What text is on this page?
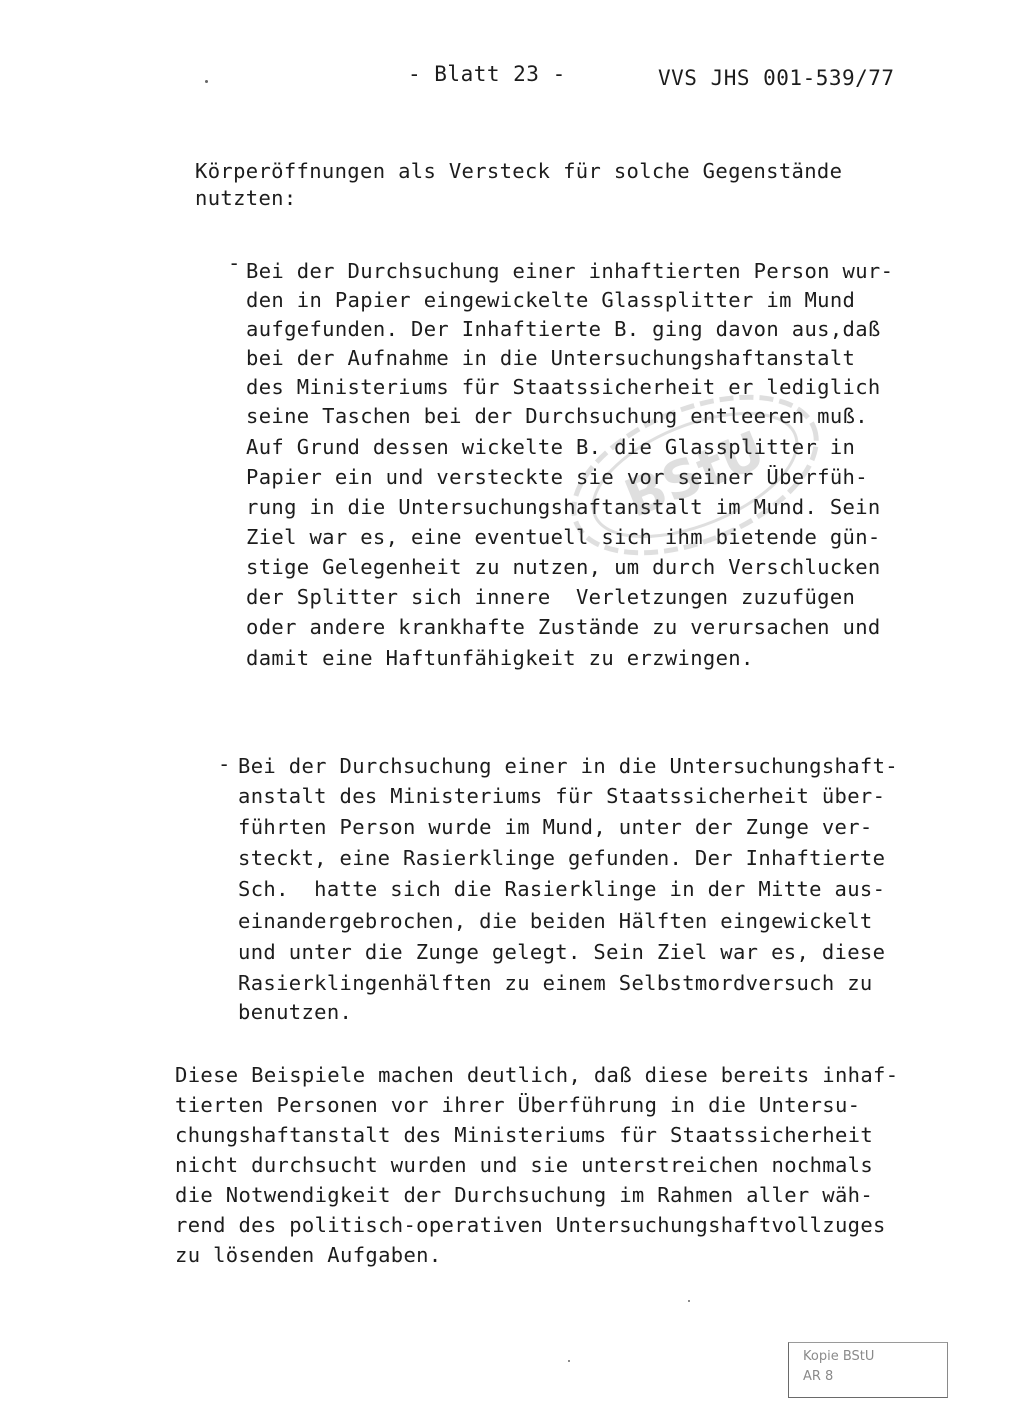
- Blatt 23 -	VVS JHS 001-539/77
Körperöffnungen als Versteck für solche Gegenstände
nutzten:
- Bei der Durchsuchung einer inhaftierten Person wur-
den in Papier eingewickelte Glassplitter im Mund
aufgefunden. Der Inhaftierte B. ging davon aus,daß
bei der Aufnahme in die Untersuchungshaftanstalt
des Ministeriums für Staatssicherheit er lediglich
seine Taschen bei der Durchsuchung entleeren muß.
Auf Grund dessen wickelte B. die Glassplitter in
Papier ein und versteckte sie vor seiner Überfüh-
rung in die Untersuchungshaftanstalt im Mund. Sein
Ziel war es, eine eventuell sich ihm bietende gün-
stige Gelegenheit zu nutzen, um durch Verschlucken
der Splitter sich innere  Verletzungen zuzufügen
oder andere krankhafte Zustände zu verursachen und
damit eine Haftunfähigkeit zu erzwingen.
- Bei der Durchsuchung einer in die Untersuchungshaft-
anstalt des Ministeriums für Staatssicherheit über-
führten Person wurde im Mund, unter der Zunge ver-
steckt, eine Rasierklinge gefunden. Der Inhaftierte
Sch.  hatte sich die Rasierklinge in der Mitte aus-
einandergebrochen, die beiden Hälften eingewickelt
und unter die Zunge gelegt. Sein Ziel war es, diese
Rasierklingenhälften zu einem Selbstmordversuch zu
benutzen.
Diese Beispiele machen deutlich, daß diese bereits inhaf-
tierten Personen vor ihrer Überführung in die Untersu-
chungshaftanstalt des Ministeriums für Staatssicherheit
nicht durchsucht wurden und sie unterstreichen nochmals
die Notwendigkeit der Durchsuchung im Rahmen aller wäh-
rend des politisch-operativen Untersuchungshaftvollzuges
zu lösenden Aufgaben.
BStU
Kopie BStU
AR 8
